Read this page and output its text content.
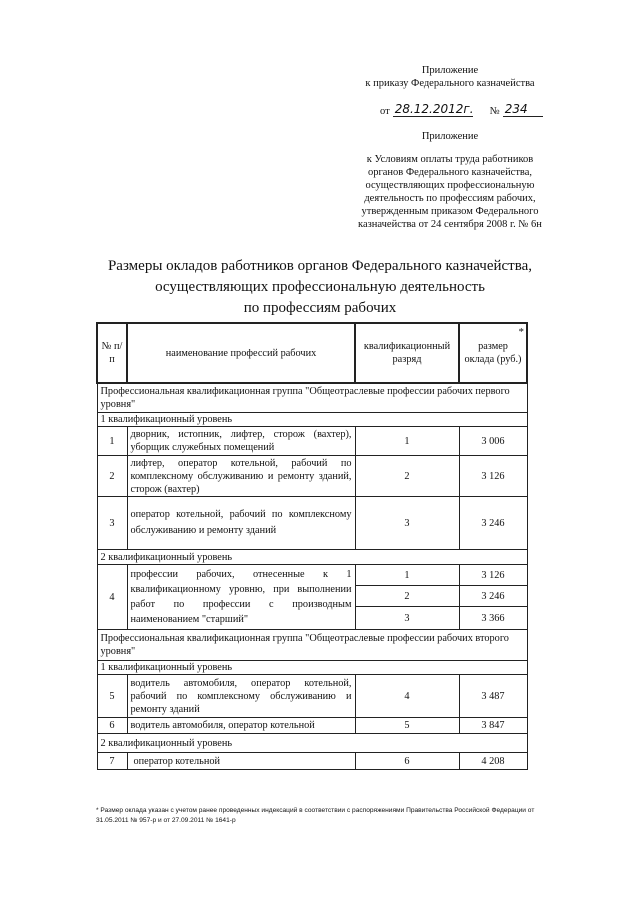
Приложение
к приказу Федерального казначейства
от 28.12.2012г. № 234
Приложение
к Условиям оплаты труда работников
органов Федерального казначейства,
осуществляющих профессиональную
деятельность по профессиям рабочих,
утвержденным приказом Федерального
казначейства от 24 сентября 2008 г. № 6н
Размеры окладов работников органов Федерального казначейства,
осуществляющих профессиональную деятельность
по профессиям рабочих
№ п/п	наименование профессий рабочих	квалификационный разряд	размер оклада (руб.)
*

Профессиональная квалификационная группа "Общеотраслевые профессии рабочих первого уровня"			
1 квалификационный уровень			
1	дворник, истопник, лифтер, сторож (вахтер), уборщик служебных помещений	1	3 006
2	лифтер, оператор котельной, рабочий по комплексному обслуживанию и ремонту зданий, сторож (вахтер)	2	3 126
3	оператор котельной, рабочий по комплексному обслуживанию и ремонту зданий	3	3 246
2 квалификационный уровень			
4	профессии рабочих, отнесенные к 1 квалификационному уровню, при выполнении работ по профессии с производным наименованием "старший"	1	3 126
		2	3 246
		3	3 366
Профессиональная квалификационная группа "Общеотраслевые профессии рабочих второго уровня"			
1 квалификационный уровень			
5	водитель автомобиля, оператор котельной, рабочий по комплексному обслуживанию и ремонту зданий	4	3 487
6	водитель автомобиля, оператор котельной	5	3 847
2 квалификационный уровень			
7	оператор котельной	6	4 208
* Размер оклада указан с учетом ранее проведенных индексаций в соответствии с распоряжениями Правительства Российской Федерации от 31.05.2011 № 957-р и от 27.09.2011 № 1641-р
